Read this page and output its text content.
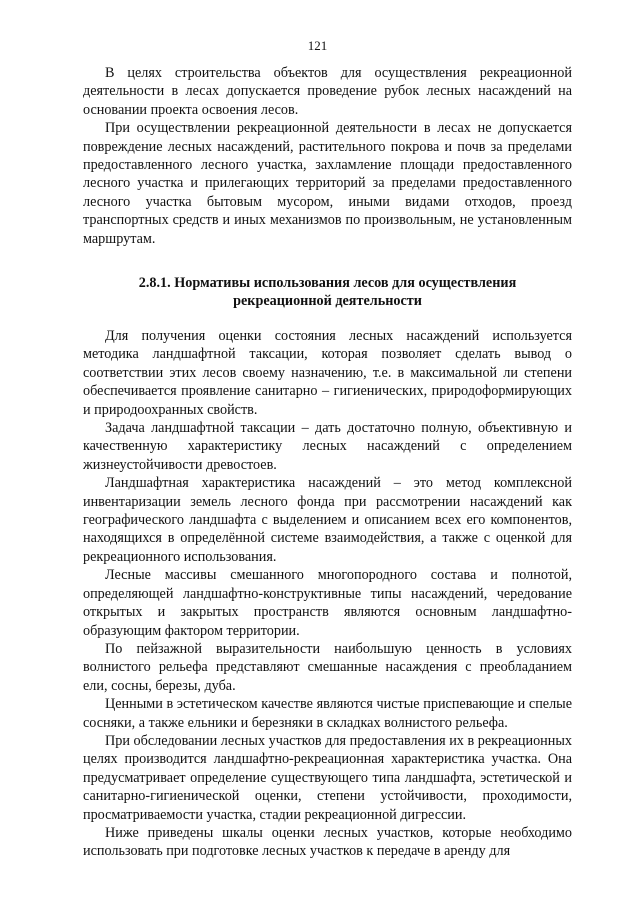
121

В целях строительства объектов для осуществления рекреационной деятельности в лесах допускается проведение рубок лесных насаждений на основании проекта освоения лесов.

При осуществлении рекреационной деятельности в лесах не допускается повреждение лесных насаждений, растительного покрова и почв за пределами предоставленного лесного участка, захламление площади предоставленного лесного участка и прилегающих территорий за пределами предоставленного лесного участка бытовым мусором, иными видами отходов, проезд транспортных средств и иных механизмов по произвольным, не установленным маршрутам.

2.8.1. Нормативы использования лесов для осуществления
рекреационной деятельности

Для получения оценки состояния лесных насаждений используется методика ландшафтной таксации, которая позволяет сделать вывод о соответствии этих лесов своему назначению, т.е. в максимальной ли степени обеспечивается проявление санитарно – гигиенических, природоформирующих и природоохранных свойств.

Задача ландшафтной таксации – дать достаточно полную, объективную и качественную характеристику лесных насаждений с определением жизнеустойчивости древостоев.

Ландшафтная характеристика насаждений – это метод комплексной инвентаризации земель лесного фонда при рассмотрении насаждений как географического ландшафта с выделением и описанием всех его компонентов, находящихся в определённой системе взаимодействия, а также с оценкой для рекреационного использования.

Лесные массивы смешанного многопородного состава и полнотой, определяющей ландшафтно-конструктивные типы насаждений, чередование открытых и закрытых пространств являются основным ландшафтно-образующим фактором территории.

По пейзажной выразительности наибольшую ценность в условиях волнистого рельефа представляют смешанные насаждения с преобладанием ели, сосны, березы, дуба.

Ценными в эстетическом качестве являются чистые приспевающие и спелые сосняки, а также ельники и березняки в складках волнистого рельефа.

При обследовании лесных участков для предоставления их в рекреационных целях производится ландшафтно-рекреационная характеристика участка. Она предусматривает определение существующего типа ландшафта, эстетической и санитарно-гигиенической оценки, степени устойчивости, проходимости, просматриваемости участка, стадии рекреационной дигрессии.

Ниже приведены шкалы оценки лесных участков, которые необходимо использовать при подготовке лесных участков к передаче в аренду для
